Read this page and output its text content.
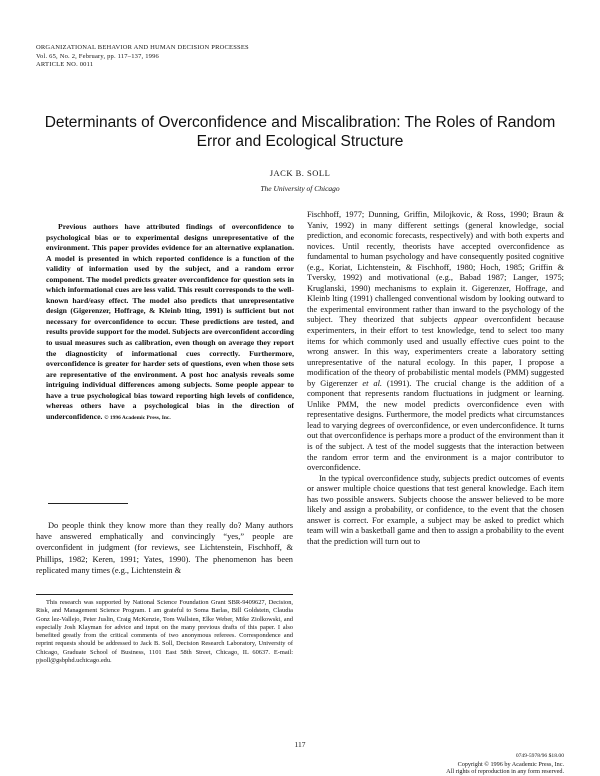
ORGANIZATIONAL BEHAVIOR AND HUMAN DECISION PROCESSES
Vol. 65, No. 2, February, pp. 117–137, 1996
ARTICLE NO. 0011
Determinants of Overconfidence and Miscalibration: The Roles of Random Error and Ecological Structure
JACK B. SOLL
The University of Chicago
Previous authors have attributed findings of overconfidence to psychological bias or to experimental designs unrepresentative of the environment. This paper provides evidence for an alternative explanation. A model is presented in which reported confidence is a function of the validity of information used by the subject, and a random error component. The model predicts greater overconfidence for question sets in which informational cues are less valid. This result corresponds to the well-known hard/easy effect. The model also predicts that unrepresentative design (Gigerenzer, Hoffrage, & Kleinb lting, 1991) is sufficient but not necessary for overconfidence to occur. These predictions are tested, and results provide support for the model. Subjects are overconfident according to usual measures such as calibration, even though on average they report the diagnosticity of informational cues correctly. Furthermore, overconfidence is greater for harder sets of questions, even when those sets are representative of the environment. A post hoc analysis reveals some intriguing individual differences among subjects. Some people appear to have a true psychological bias toward reporting high levels of confidence, whereas others have a psychological bias in the direction of underconfidence. © 1996 Academic Press, Inc.
Do people think they know more than they really do? Many authors have answered emphatically and convincingly “yes,” people are overconfident in judgment (for reviews, see Lichtenstein, Fischhoff, & Phillips, 1982; Keren, 1991; Yates, 1990). The phenomenon has been replicated many times (e.g., Lichtenstein &
This research was supported by National Science Foundation Grant SBR-9409627, Decision, Risk, and Management Science Program. I am grateful to Soma Barlas, Bill Goldstein, Claudia Gonz lez-Vallejo, Peter Juslin, Craig McKenzie, Tom Wallsten, Elke Weber, Mike Ziolkowski, and especially Josh Klayman for advice and input on the many previous drafts of this paper. I also benefited greatly from the critical comments of two anonymous referees. Correspondence and reprint requests should be addressed to Jack B. Soll, Decision Research Laboratory, University of Chicago, Graduate School of Business, 1101 East 58th Street, Chicago, IL 60637. E-mail: pjsoll@gsbphd.uchicago.edu.

Fischhoff, 1977; Dunning, Griffin, Milojkovic, & Ross, 1990; Braun & Yaniv, 1992) in many different settings (general knowledge, social prediction, and economic forecasts, respectively) and with both experts and novices. Until recently, theorists have accepted overconfidence as fundamental to human psychology and have consequently posited cognitive (e.g., Koriat, Lichtenstein, & Fischhoff, 1980; Hoch, 1985; Griffin & Tversky, 1992) and motivational (e.g., Babad 1987; Langer, 1975; Kruglanski, 1990) mechanisms to explain it. Gigerenzer, Hoffrage, and Kleinb lting (1991) challenged conventional wisdom by looking outward to the experimental environment rather than inward to the psychology of the subject. They theorized that subjects appear overconfident because experimenters, in their effort to test knowledge, tend to select too many items for which commonly used and usually effective cues point to the wrong answer. In this way, experimenters create a laboratory setting unrepresentative of the natural ecology. In this paper, I propose a modification of the theory of probabilistic mental models (PMM) suggested by Gigerenzer et al. (1991). The crucial change is the addition of a component that represents random fluctuations in judgment or learning. Unlike PMM, the new model predicts overconfidence even with representative designs. Furthermore, the model predicts what circumstances lead to varying degrees of overconfidence, or even underconfidence. It turns out that overconfidence is perhaps more a product of the environment than it is of the subject. A test of the model suggests that the interaction between the random error term and the environment is a major contributor to overconfidence.

In the typical overconfidence study, subjects predict outcomes of events or answer multiple choice questions that test general knowledge. Each item has two possible answers. Subjects choose the answer believed to be more likely and assign a probability, or confidence, to the event that the chosen answer is correct. For example, a subject may be asked to predict which team will win a basketball game and then to assign a probability to the event that the prediction will turn out to

117
0749-5978/96 $18.00
Copyright © 1996 by Academic Press, Inc.
All rights of reproduction in any form reserved.
